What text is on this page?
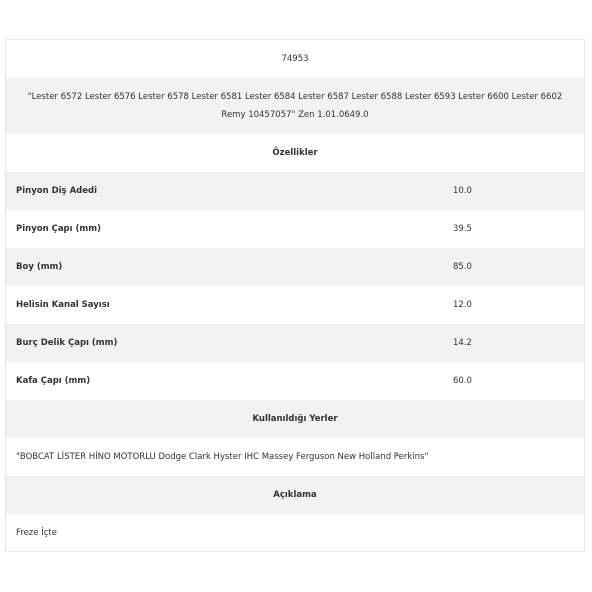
74953
"Lester 6572 Lester 6576 Lester 6578 Lester 6581 Lester 6584 Lester 6587 Lester 6588 Lester 6593 Lester 6600 Lester 6602 Remy 10457057" Zen 1.01.0649.0
Özellikler
Pinyon Diş Adedi	10.0
Pinyon Çapı (mm)	39.5
Boy (mm)	85.0
Helisin Kanal Sayısı	12.0
Burç Delik Çapı (mm)	14.2
Kafa Çapı (mm)	60.0
Kullanıldığı Yerler
"BOBCAT LİSTER HİNO MOTORLU Dodge Clark Hyster IHC Massey Ferguson New Holland Perkins"
Açıklama
Freze İçte
